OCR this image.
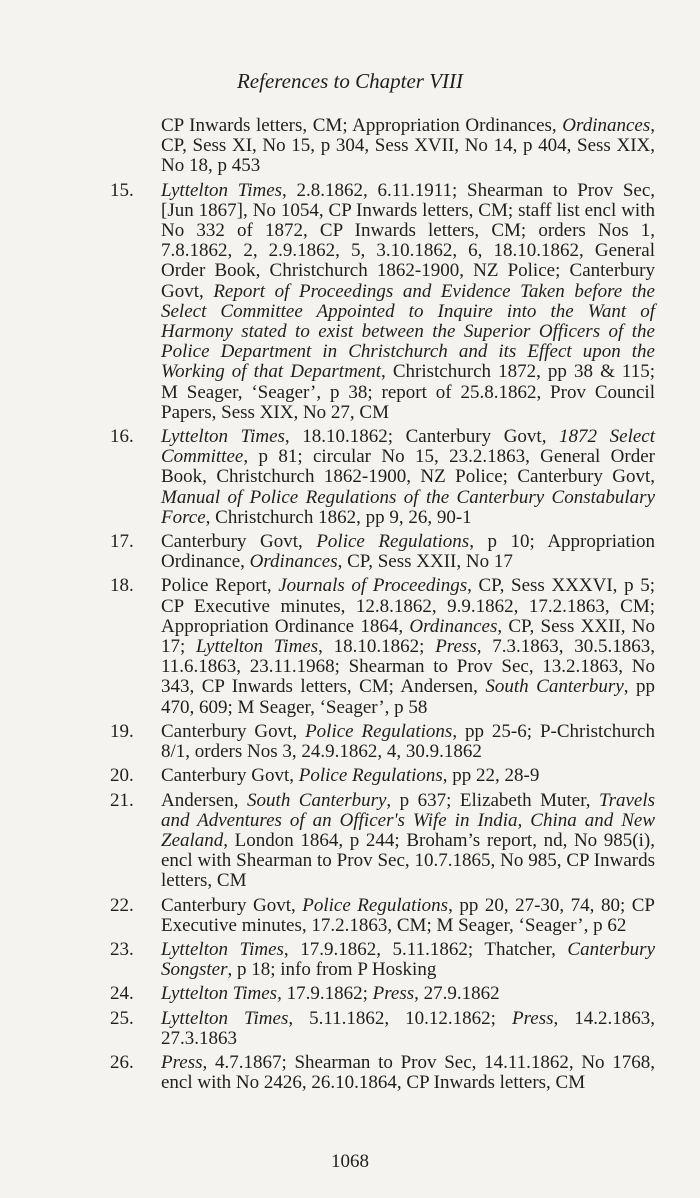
References to Chapter VIII
CP Inwards letters, CM; Appropriation Ordinances, Ordinances, CP, Sess XI, No 15, p 304, Sess XVII, No 14, p 404, Sess XIX, No 18, p 453
15.	Lyttelton Times, 2.8.1862, 6.11.1911; Shearman to Prov Sec, [Jun 1867], No 1054, CP Inwards letters, CM; staff list encl with No 332 of 1872, CP Inwards letters, CM; orders Nos 1, 7.8.1862, 2, 2.9.1862, 5, 3.10.1862, 6, 18.10.1862, General Order Book, Christchurch 1862-1900, NZ Police; Canterbury Govt, Report of Proceedings and Evidence Taken before the Select Committee Appointed to Inquire into the Want of Harmony stated to exist between the Superior Officers of the Police Department in Christchurch and its Effect upon the Working of that Department, Christchurch 1872, pp 38 & 115; M Seager, ‘Seager’, p 38; report of 25.8.1862, Prov Council Papers, Sess XIX, No 27, CM
16.	Lyttelton Times, 18.10.1862; Canterbury Govt, 1872 Select Committee, p 81; circular No 15, 23.2.1863, General Order Book, Christchurch 1862-1900, NZ Police; Canterbury Govt, Manual of Police Regulations of the Canterbury Constabulary Force, Christchurch 1862, pp 9, 26, 90-1
17.	Canterbury Govt, Police Regulations, p 10; Appropriation Ordinance, Ordinances, CP, Sess XXII, No 17
18.	Police Report, Journals of Proceedings, CP, Sess XXXVI, p 5; CP Executive minutes, 12.8.1862, 9.9.1862, 17.2.1863, CM; Appropriation Ordinance 1864, Ordinances, CP, Sess XXII, No 17; Lyttelton Times, 18.10.1862; Press, 7.3.1863, 30.5.1863, 11.6.1863, 23.11.1968; Shearman to Prov Sec, 13.2.1863, No 343, CP Inwards letters, CM; Andersen, South Canterbury, pp 470, 609; M Seager, ‘Seager’, p 58
19.	Canterbury Govt, Police Regulations, pp 25-6; P-Christchurch 8/1, orders Nos 3, 24.9.1862, 4, 30.9.1862
20.	Canterbury Govt, Police Regulations, pp 22, 28-9
21.	Andersen, South Canterbury, p 637; Elizabeth Muter, Travels and Adventures of an Officer's Wife in India, China and New Zealand, London 1864, p 244; Broham’s report, nd, No 985(i), encl with Shearman to Prov Sec, 10.7.1865, No 985, CP Inwards letters, CM
22.	Canterbury Govt, Police Regulations, pp 20, 27-30, 74, 80; CP Executive minutes, 17.2.1863, CM; M Seager, ‘Seager’, p 62
23.	Lyttelton Times, 17.9.1862, 5.11.1862; Thatcher, Canterbury Songster, p 18; info from P Hosking
24.	Lyttelton Times, 17.9.1862; Press, 27.9.1862
25.	Lyttelton Times, 5.11.1862, 10.12.1862; Press, 14.2.1863, 27.3.1863
26.	Press, 4.7.1867; Shearman to Prov Sec, 14.11.1862, No 1768, encl with No 2426, 26.10.1864, CP Inwards letters, CM
1068
